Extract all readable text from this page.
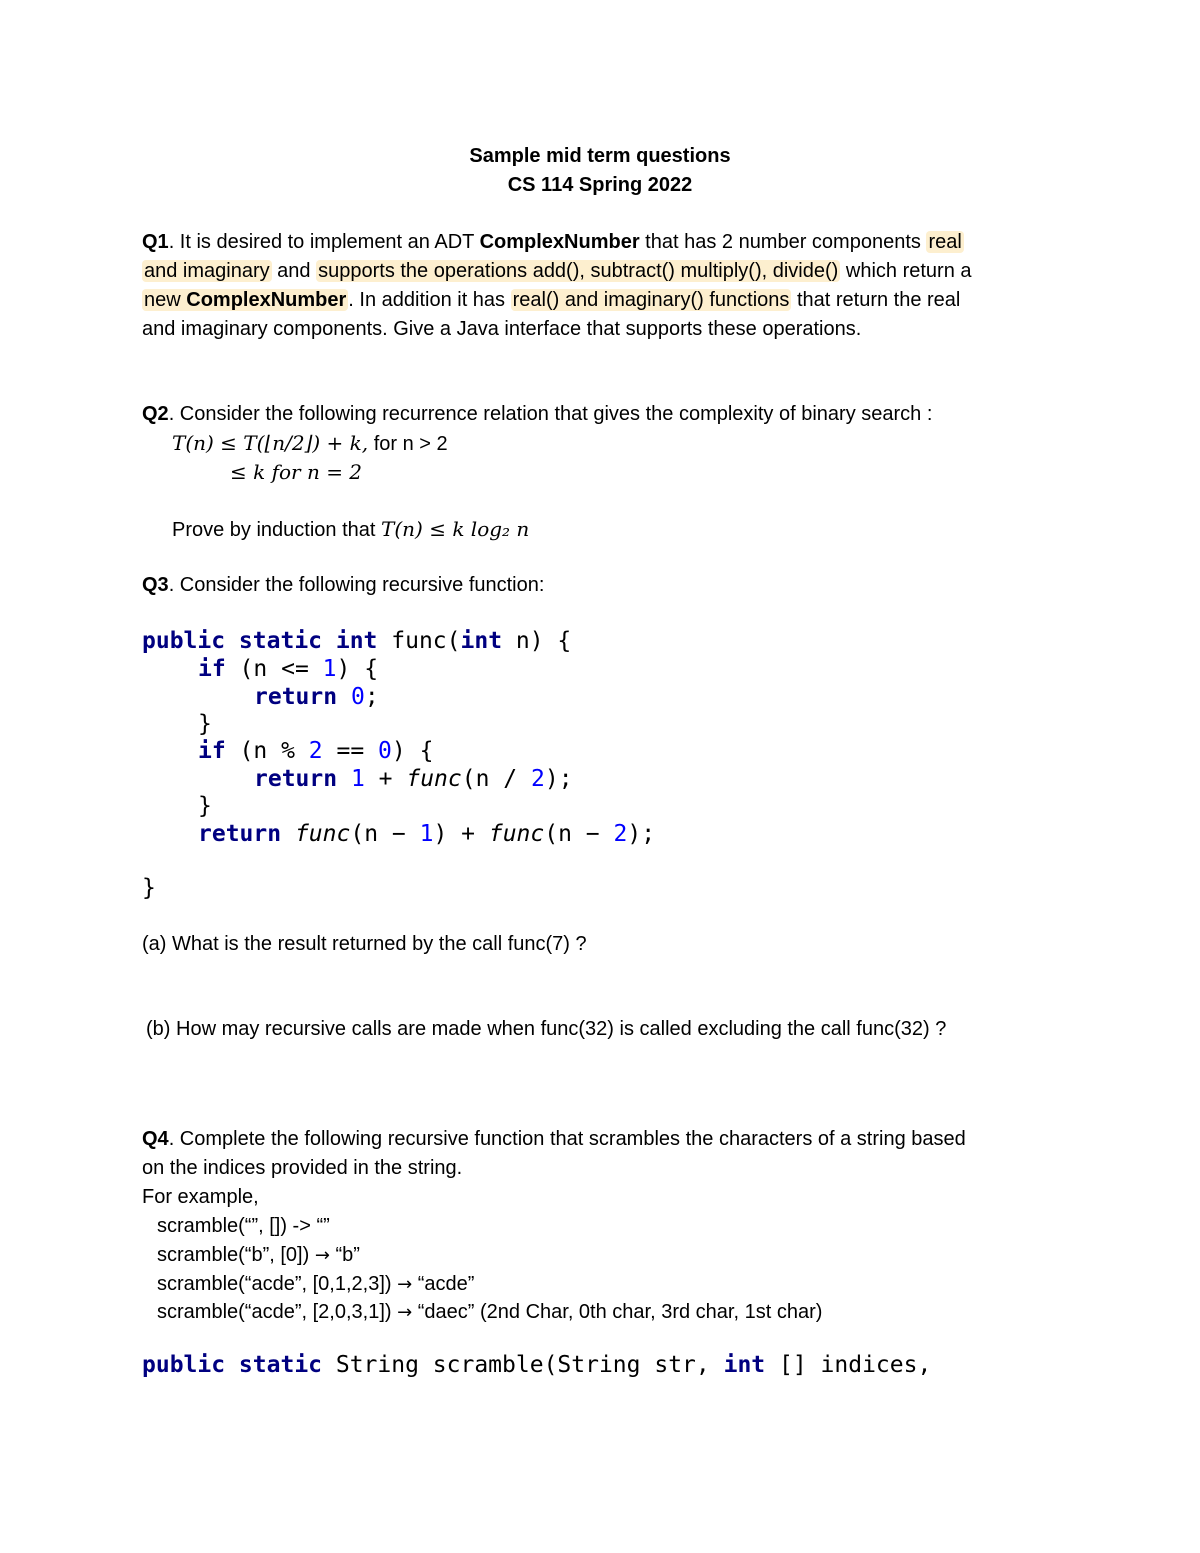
Sample mid term questions
CS 114 Spring 2022
Q1. It is desired to implement an ADT ComplexNumber that has 2 number components real
and imaginary and supports the operations add(), subtract() multiply(), divide() which return a
new ComplexNumber . In addition it has real() and imaginary() functions that return the real
and imaginary components. Give a Java interface that supports these operations.
Q2. Consider the following recurrence relation that gives the complexity of binary search :
T(n) ≤ T(⌊n/2⌋) + k, for n > 2
≤ k for n = 2
Prove by induction that T(n) ≤ k log₂ n
Q3. Consider the following recursive function:
public static int func(int n) {
if (n <= 1) {
return 0;
}
if (n % 2 == 0) {
return 1 + func(n / 2);
}
return func(n − 1) + func(n − 2);
}
(a) What is the result returned by the call func(7) ?
(b) How may recursive calls are made when func(32) is called excluding the call func(32) ?
Q4. Complete the following recursive function that scrambles the characters of a string based
on the indices provided in the string.
For example,
scramble(“”, []) -> “”
scramble(“b”, [0]) → “b”
scramble(“acde”, [0,1,2,3]) → “acde”
scramble(“acde”, [2,0,3,1]) → “daec” (2nd Char, 0th char, 3rd char, 1st char)
public static String scramble(String str, int [] indices,
